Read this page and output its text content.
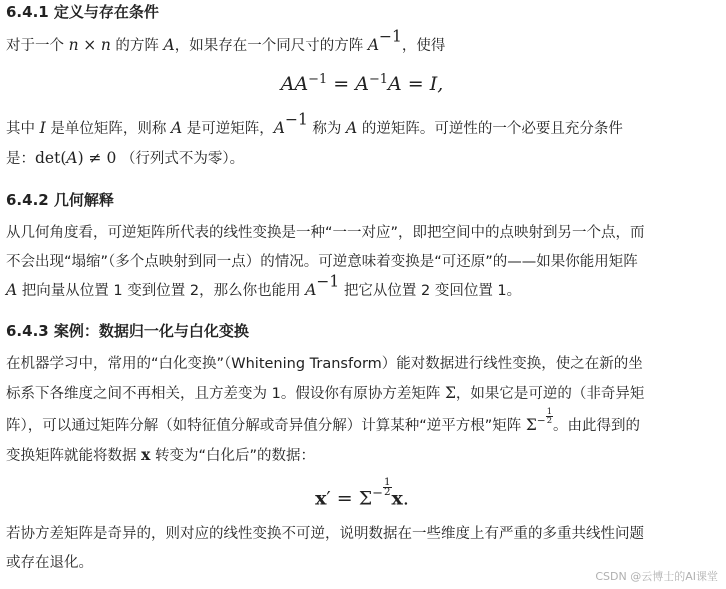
6.4.1 定义与存在条件

对于一个 n × n 的方阵 A，如果存在一个同尺寸的方阵 $A^{-1}$，使得

$AA^{-1} = A^{-1}A = I$,

其中 I 是单位矩阵，则称 A 是可逆矩阵，$A^{-1}$ 称为 A 的逆矩阵。可逆性的一个必要且充分条件
是：det(A) ≠ 0 （行列式不为零）。

6.4.2 几何解释

从几何角度看，可逆矩阵所代表的线性变换是一种“一一对应”，即把空间中的点映射到另一个点，而
不会出现“塌缩”（多个点映射到同一点）的情况。可逆意味着变换是“可还原”的——如果你能用矩阵
A 把向量从位置 1 变到位置 2，那么你也能用 $A^{-1}$ 把它从位置 2 变回位置 1。

6.4.3 案例：数据归一化与白化变换

在机器学习中，常用的“白化变换”（Whitening Transform）能对数据进行线性变换，使之在新的坐
标系下各维度之间不再相关，且方差变为 1。假设你有原协方差矩阵 Σ，如果它是可逆的（非奇异矩
阵），可以通过矩阵分解（如特征值分解或奇异值分解）计算某种“逆平方根”矩阵 $\Sigma^{- \frac{1}{2}}$
。由此得到的
变换矩阵就能将数据 x 转变为“白化后”的数据：

$x' = \Sigma^{- \frac{1}{2}}$ x.

若协方差矩阵是奇异的，则对应的线性变换不可逆，说明数据在一些维度上有严重的多重共线性问题
或存在退化。

CSDN @云博士的AI课堂
